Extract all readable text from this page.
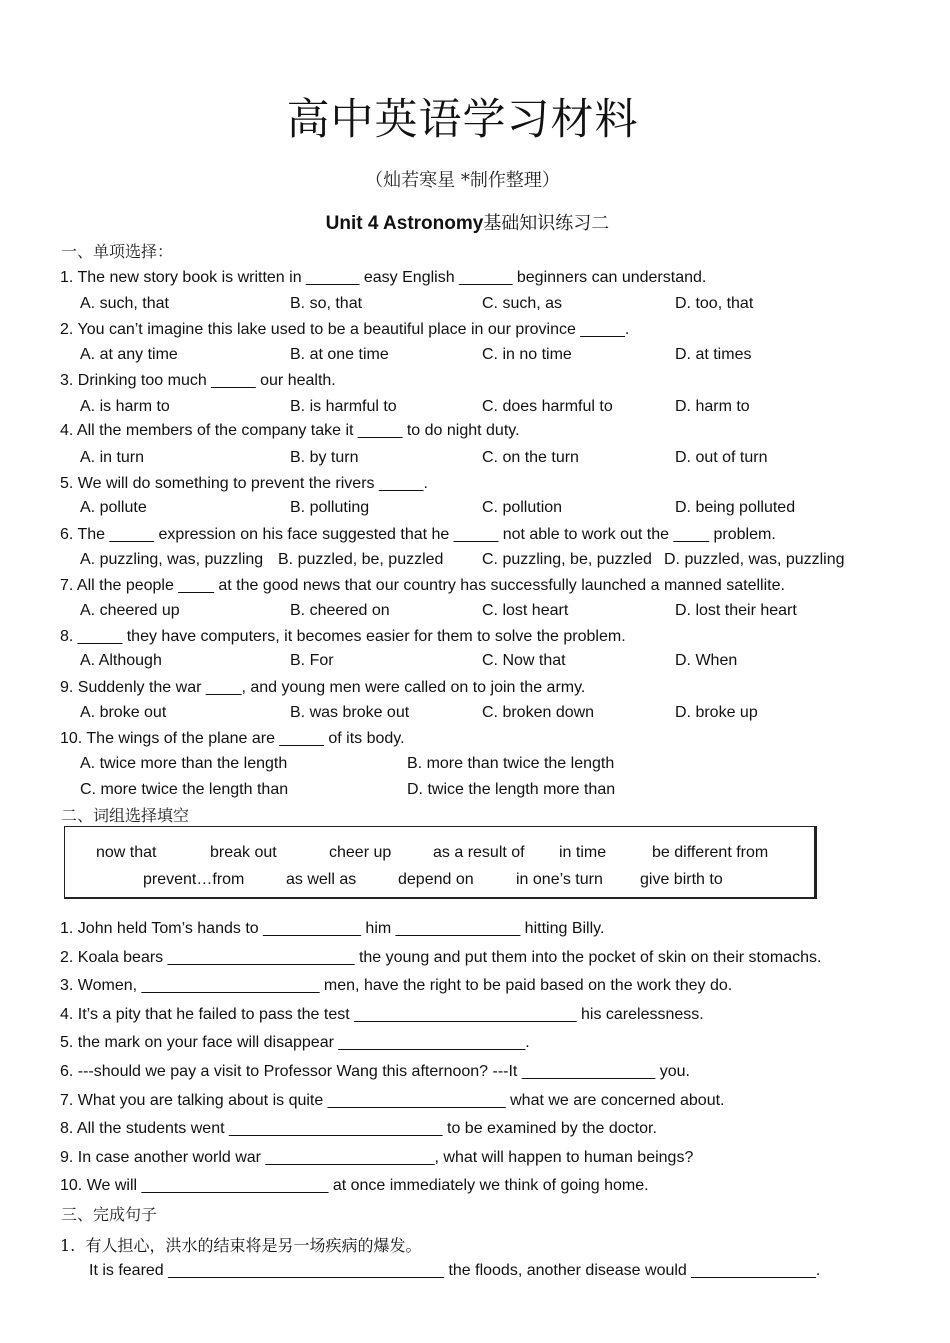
高中英语学习材料
（灿若寒星 *制作整理）
Unit 4 Astronomy基础知识练习二
一、单项选择：
1. The new story book is written in ______ easy English ______ beginners can understand.
A. such, that	B. so, that	C. such, as	D. too, that
2. You can’t imagine this lake used to be a beautiful place in our province _____.
A. at any time	B. at one time	C. in no time	D. at times
3. Drinking too much _____ our health.
A. is harm to	B. is harmful to	C. does harmful to	D. harm to
4. All the members of the company take it _____ to do night duty.
A. in turn	B. by turn	C. on the turn	D. out of turn
5. We will do something to prevent the rivers _____.
A. pollute	B. polluting	C. pollution	D. being polluted
6. The _____ expression on his face suggested that he _____ not able to work out the ____ problem.
A. puzzling, was, puzzling B. puzzled, be, puzzled C. puzzling, be, puzzled D. puzzled, was, puzzling
7. All the people ____ at the good news that our country has successfully launched a manned satellite.
A. cheered up	B. cheered on	C. lost heart	D. lost their heart
8. _____ they have computers, it becomes easier for them to solve the problem.
A. Although	B. For	C. Now that	D. When
9. Suddenly the war ____, and young men were called on to join the army.
A. broke out	B. was broke out	C. broken down	D. broke up
10. The wings of the plane are _____ of its body.
A. twice more than the length	B. more than twice the length
C. more twice the length than	D. twice the length more than
二、词组选择填空
now that	break out	cheer up	as a result of in time	be different from
prevent…from	as well as	depend on	in one’s turn give birth to
1. John held Tom’s hands to ___________ him ______________ hitting Billy.
2. Koala bears _____________________ the young and put them into the pocket of skin on their stomachs.
3. Women, ____________________ men, have the right to be paid based on the work they do.
4. It’s a pity that he failed to pass the test _________________________ his carelessness.
5. the mark on your face will disappear _____________________.
6. ---should we pay a visit to Professor Wang this afternoon? ---It _______________ you.
7. What you are talking about is quite ____________________ what we are concerned about.
8. All the students went ________________________ to be examined by the doctor.
9. In case another world war ___________________, what will happen to human beings?
10. We will _____________________ at once immediately we think of going home.
三、完成句子
1.  有人担心，洪水的结束将是另一场疾病的爆发。
It is feared _______________________________ the floods, another disease would ______________.
